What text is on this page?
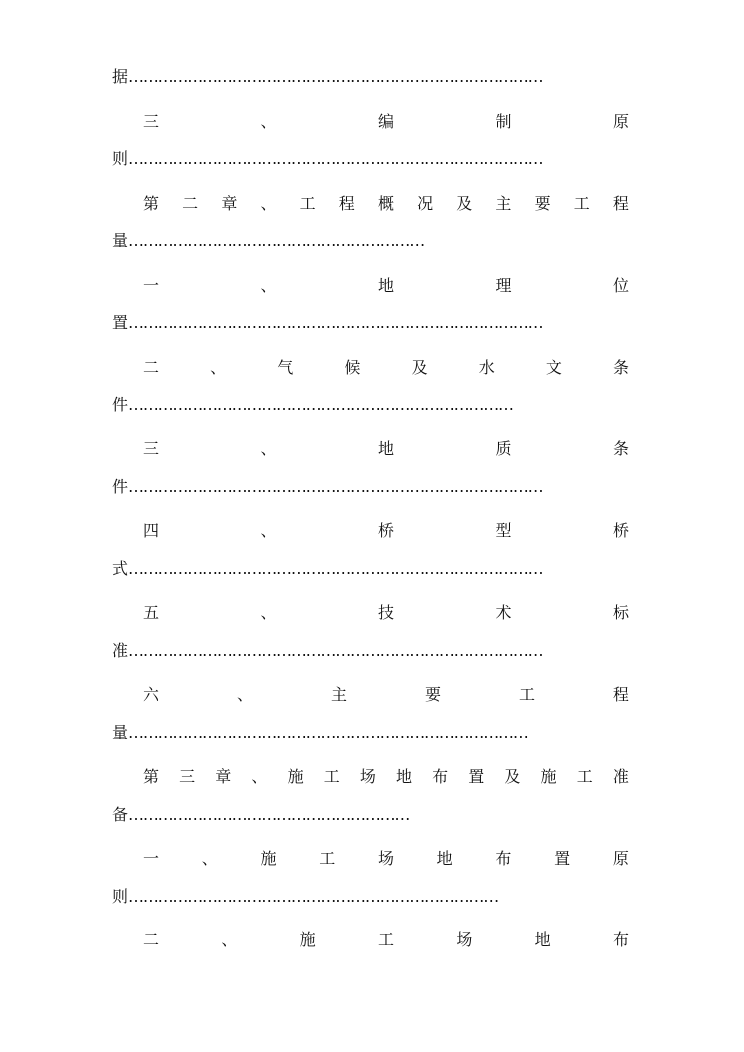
据…………………………………………………………………………
三	、	编	制	原
则…………………………………………………………………………
第 二 章 、 工 程 概 况 及 主 要 工 程
量……………………………………………………
一	、	地	理	位
置…………………………………………………………………………
二	、	气	候	及	水	文	条
件……………………………………………………………………
三	、	地	质	条
件…………………………………………………………………………
四	、	桥	型	桥
式…………………………………………………………………………
五	、	技	术	标
准…………………………………………………………………………
六	、	主	要	工	程
量………………………………………………………………………
第 三 章 、 施 工 场 地 布 置 及 施 工 准
备…………………………………………………
一	、	施	工	场	地	布	置	原
则…………………………………………………………………
二	、	施	工	场	地	布
